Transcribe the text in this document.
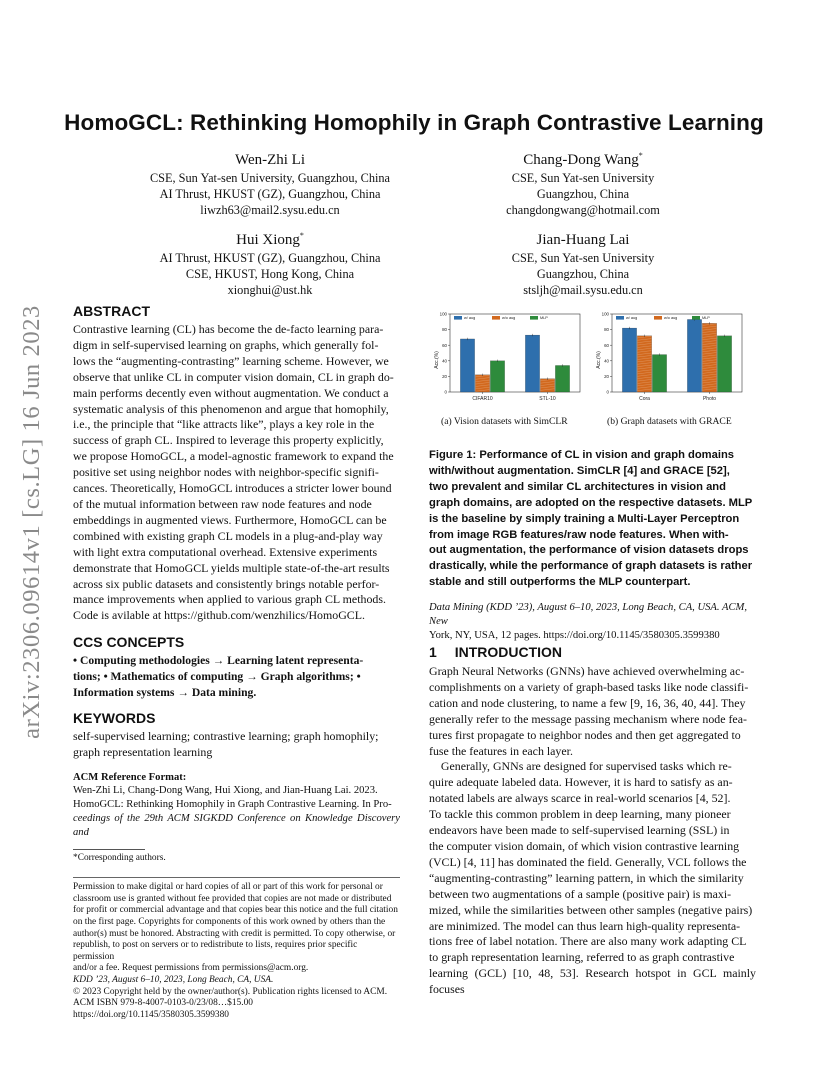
arXiv:2306.09614v1 [cs.LG] 16 Jun 2023
HomoGCL: Rethinking Homophily in Graph Contrastive Learning
Wen-Zhi Li
CSE, Sun Yat-sen University, Guangzhou, China
AI Thrust, HKUST (GZ), Guangzhou, China
liwzh63@mail2.sysu.edu.cn
Chang-Dong Wang*
CSE, Sun Yat-sen University
Guangzhou, China
changdongwang@hotmail.com
Hui Xiong*
AI Thrust, HKUST (GZ), Guangzhou, China
CSE, HKUST, Hong Kong, China
xionghui@ust.hk
Jian-Huang Lai
CSE, Sun Yat-sen University
Guangzhou, China
stsljh@mail.sysu.edu.cn
ABSTRACT

Contrastive learning (CL) has become the de-facto learning para-

digm in self-supervised learning on graphs, which generally fol-

lows the “augmenting-contrasting” learning scheme. However, we

observe that unlike CL in computer vision domain, CL in graph do-

main performs decently even without augmentation. We conduct a

systematic analysis of this phenomenon and argue that homophily,

i.e., the principle that “like attracts like”, plays a key role in the

success of graph CL. Inspired to leverage this property explicitly,

we propose HomoGCL, a model-agnostic framework to expand the

positive set using neighbor nodes with neighbor-specific signifi-

cances. Theoretically, HomoGCL introduces a stricter lower bound

of the mutual information between raw node features and node

embeddings in augmented views. Furthermore, HomoGCL can be

combined with existing graph CL models in a plug-and-play way

with light extra computational overhead. Extensive experiments

demonstrate that HomoGCL yields multiple state-of-the-art results

across six public datasets and consistently brings notable perfor-

mance improvements when applied to various graph CL methods.

Code is avilable at https://github.com/wenzhilics/HomoGCL.

CCS CONCEPTS

• Computing methodologies → Learning latent representa-

tions; • Mathematics of computing → Graph algorithms; •

Information systems → Data mining.

KEYWORDS

self-supervised learning; contrastive learning; graph homophily;

graph representation learning

ACM Reference Format:

Wen-Zhi Li, Chang-Dong Wang, Hui Xiong, and Jian-Huang Lai. 2023.

HomoGCL: Rethinking Homophily in Graph Contrastive Learning. In Pro-

ceedings of the 29th ACM SIGKDD Conference on Knowledge Discovery and

*Corresponding authors.
Permission to make digital or hard copies of all or part of this work for personal or
classroom use is granted without fee provided that copies are not made or distributed
for profit or commercial advantage and that copies bear this notice and the full citation
on the first page. Copyrights for components of this work owned by others than the
author(s) must be honored. Abstracting with credit is permitted. To copy otherwise, or
republish, to post on servers or to redistribute to lists, requires prior specific permission
and/or a fee. Request permissions from permissions@acm.org.
KDD ’23, August 6–10, 2023, Long Beach, CA, USA.
© 2023 Copyright held by the owner/author(s). Publication rights licensed to ACM.
ACM ISBN 979-8-4007-0103-0/23/08…$15.00
https://doi.org/10.1145/3580305.3599380
Acc.(%)
0
20
40
60
80
100
CIFAR10	STL-10
w/ aug	w/o aug	MLP
Acc.(%)
0
20
40
60
80
100
Cora	Photo
w/ aug	w/o aug	MLP
(a) Vision datasets with SimCLR	(b) Graph datasets with GRACE
Figure 1: Performance of CL in vision and graph domains
with/without augmentation. SimCLR [4] and GRACE [52],
two prevalent and similar CL architectures in vision and
graph domains, are adopted on the respective datasets. MLP
is the baseline by simply training a Multi-Layer Perceptron
from image RGB features/raw node features. When with-
out augmentation, the performance of vision datasets drops
drastically, while the performance of graph datasets is rather
stable and still outperforms the MLP counterpart.
Data Mining (KDD ’23), August 6–10, 2023, Long Beach, CA, USA. ACM, New
York, NY, USA, 12 pages. https://doi.org/10.1145/3580305.3599380
1 INTRODUCTION

Graph Neural Networks (GNNs) have achieved overwhelming ac-

complishments on a variety of graph-based tasks like node classifi-

cation and node clustering, to name a few [9, 16, 36, 40, 44]. They

generally refer to the message passing mechanism where node fea-

tures first propagate to neighbor nodes and then get aggregated to

fuse the features in each layer.

Generally, GNNs are designed for supervised tasks which re-

quire adequate labeled data. However, it is hard to satisfy as an-

notated labels are always scarce in real-world scenarios [4, 52].

To tackle this common problem in deep learning, many pioneer

endeavors have been made to self-supervised learning (SSL) in

the computer vision domain, of which vision contrastive learning

(VCL) [4, 11] has dominated the field. Generally, VCL follows the

“augmenting-contrasting” learning pattern, in which the similarity

between two augmentations of a sample (positive pair) is maxi-

mized, while the similarities between other samples (negative pairs)

are minimized. The model can thus learn high-quality representa-

tions free of label notation. There are also many work adapting CL

to graph representation learning, referred to as graph contrastive

learning (GCL) [10, 48, 53]. Research hotspot in GCL mainly focuses
